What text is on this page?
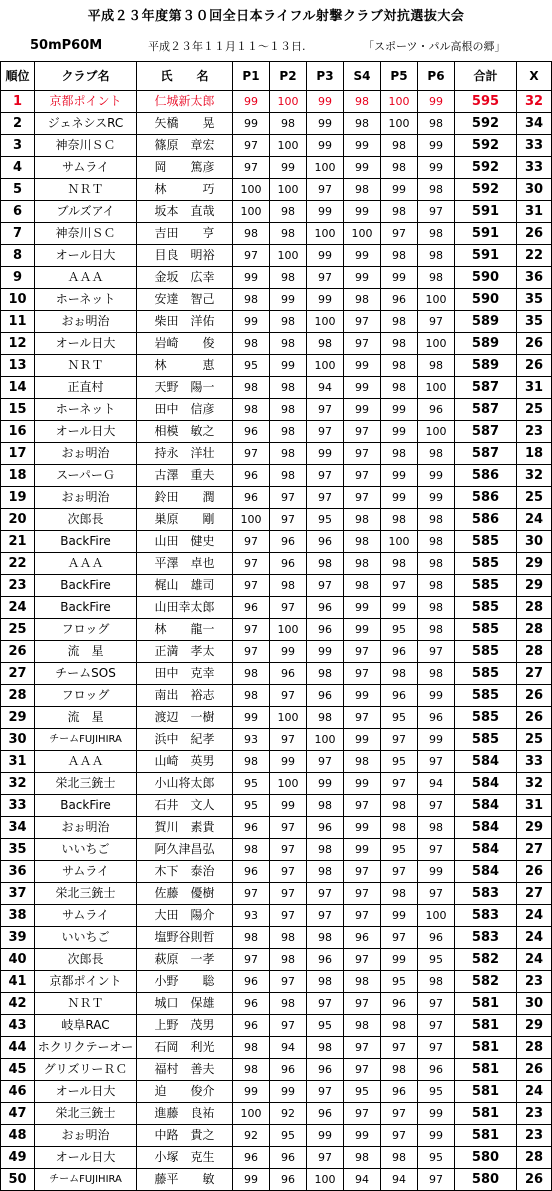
平成２３年度第３０回全日本ライフル射撃クラブ対抗選抜大会
50mP60M	平成２３年１１月１１～１３日.	「スポーツ・パル高根の郷」
順位	クラブ名	氏　　名	P1	P2	P3	S4	P5	P6	合計	X
1	京都ポイント	仁城新太郎	99	100	99	98	100	99	595	32
2	ジェネシスRC	矢橋　　晃	99	98	99	98	100	98	592	34
3	神奈川ＳＣ	篠原　章宏	97	100	99	99	98	99	592	33
4	サムライ	岡　　篤彦	97	99	100	99	98	99	592	33
5	ＮＲＴ	林　　　巧	100	100	97	98	99	98	592	30
6	ブルズアイ	坂本　直哉	100	98	99	99	98	97	591	31
7	神奈川ＳＣ	吉田　　亨	98	98	100	100	97	98	591	26
8	オール日大	目良　明裕	97	100	99	99	98	98	591	22
9	ＡＡＡ	金坂　広幸	99	98	97	99	99	98	590	36
10	ホーネット	安達　智己	98	99	99	98	96	100	590	35
11	おぉ明治	柴田　洋佑	99	98	100	97	98	97	589	35
12	オール日大	岩崎　　俊	98	98	98	97	98	100	589	26
13	ＮＲＴ	林　　　恵	95	99	100	99	98	98	589	26
14	正直村	天野　陽一	98	98	94	99	98	100	587	31
15	ホーネット	田中　信彦	98	98	97	99	99	96	587	25
16	オール日大	相模　敏之	96	98	97	97	99	100	587	23
17	おぉ明治	持永　洋壮	97	98	99	97	98	98	587	18
18	スーパーＧ	古澤　重夫	96	98	97	97	99	99	586	32
19	おぉ明治	鈴田　　潤	96	97	97	97	99	99	586	25
20	次郎長	巣原　　剛	100	97	95	98	98	98	586	24
21	BackFire	山田　健史	97	96	96	98	100	98	585	30
22	ＡＡＡ	平澤　卓也	97	96	98	98	98	98	585	29
23	BackFire	梶山　雄司	97	98	97	98	97	98	585	29
24	BackFire	山田幸太郎	96	97	96	99	99	98	585	28
25	フロッグ	林　　龍一	97	100	96	99	95	98	585	28
26	流　星	正満　孝太	97	99	99	97	96	97	585	28
27	チームSOS	田中　克幸	98	96	98	97	98	98	585	27
28	フロッグ	南出　裕志	98	97	96	99	96	99	585	26
29	流　星	渡辺　一樹	99	100	98	97	95	96	585	26
30	チームFUJIHIRA	浜中　紀孝	93	97	100	99	97	99	585	25
31	ＡＡＡ	山崎　英男	98	99	97	98	95	97	584	33
32	栄北三銃士	小山将太郎	95	100	99	99	97	94	584	32
33	BackFire	石井　文人	95	99	98	97	98	97	584	31
34	おぉ明治	賀川　素貴	96	97	96	99	98	98	584	29
35	いいちご	阿久津昌弘	98	97	98	99	95	97	584	27
36	サムライ	木下　泰治	96	97	98	97	97	99	584	26
37	栄北三銃士	佐藤　優樹	97	97	97	97	98	97	583	27
38	サムライ	大田　陽介	93	97	97	97	99	100	583	24
39	いいちご	塩野谷則哲	98	98	98	96	97	96	583	24
40	次郎長	萩原　一孝	97	98	96	97	99	95	582	24
41	京都ポイント	小野　　聡	96	97	98	98	95	98	582	23
42	ＮＲＴ	城口　保雄	96	98	97	97	96	97	581	30
43	岐阜RAC	上野　茂男	96	97	95	98	98	97	581	29
44	ホクリクテーオー	石岡　利光	98	94	98	97	97	97	581	28
45	グリズリーＲＣ	福村　善夫	98	96	96	97	98	96	581	26
46	オール日大	迫　　俊介	99	99	97	95	96	95	581	24
47	栄北三銃士	進藤　良祐	100	92	96	97	97	99	581	23
48	おぉ明治	中路　貴之	92	95	99	99	97	99	581	23
49	オール日大	小塚　克生	96	96	97	98	98	95	580	28
50	チームFUJIHIRA	藤平　　敏	99	96	100	94	94	97	580	26
